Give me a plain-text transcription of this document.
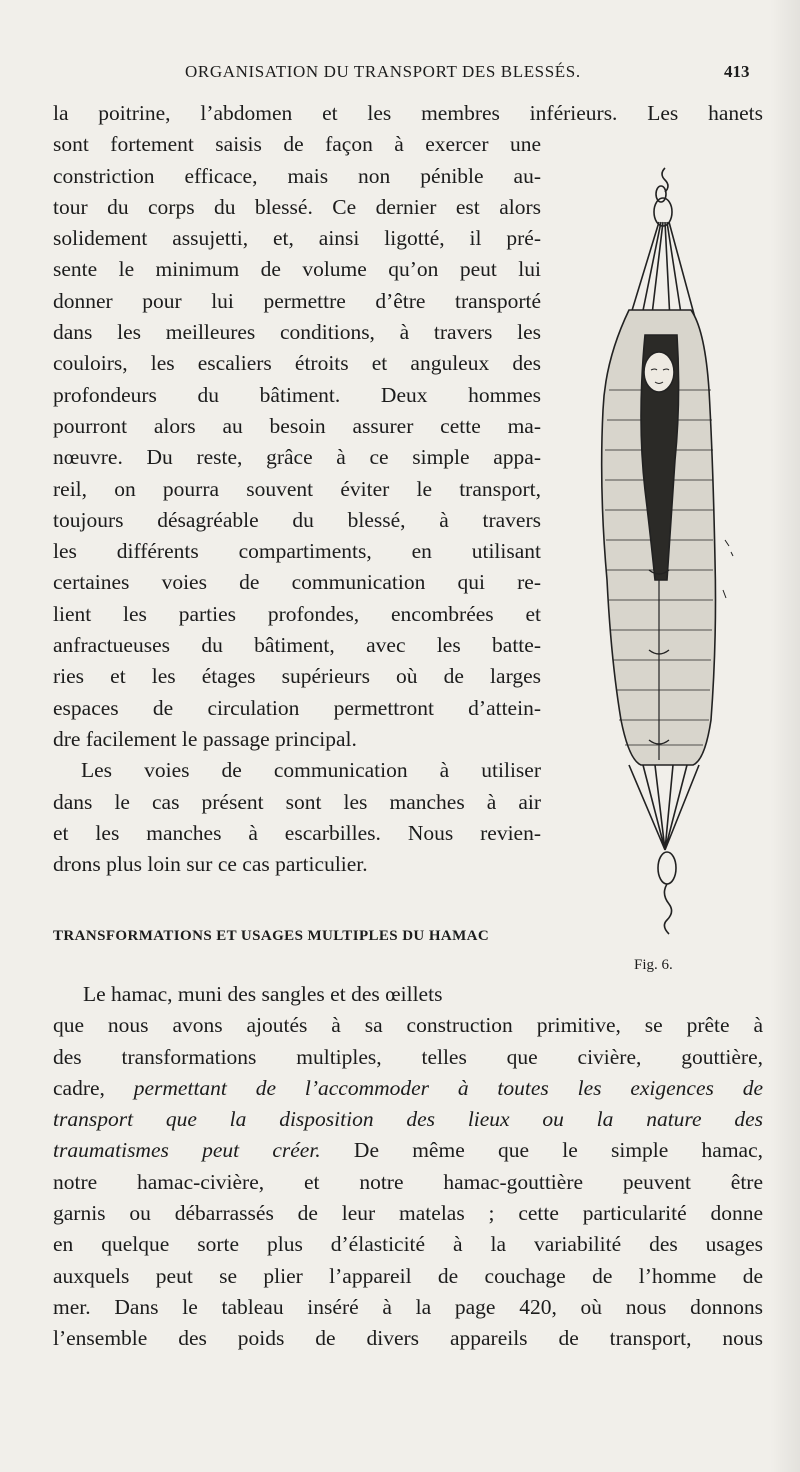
ORGANISATION DU TRANSPORT DES BLESSÉS.	413
la poitrine, l’abdomen et les membres inférieurs. Les hanets
sont fortement saisis de façon à exercer une
constriction efficace, mais non pénible au-
tour du corps du blessé. Ce dernier est alors
solidement assujetti, et, ainsi ligotté, il pré-
sente le minimum de volume qu’on peut lui
donner pour lui permettre d’être transporté
dans les meilleures conditions, à travers les
couloirs, les escaliers étroits et anguleux des
profondeurs du bâtiment. Deux hommes
pourront alors au besoin assurer cette ma-
nœuvre. Du reste, grâce à ce simple appa-
reil, on pourra souvent éviter le transport,
toujours désagréable du blessé, à travers
les différents compartiments, en utilisant
certaines voies de communication qui re-
lient les parties profondes, encombrées et
anfractueuses du bâtiment, avec les batte-
ries et les étages supérieurs où de larges
espaces de circulation permettront d’attein-
dre facilement le passage principal.
Les voies de communication à utiliser
dans le cas présent sont les manches à air
et les manches à escarbilles. Nous revien-
drons plus loin sur ce cas particulier.
TRANSFORMATIONS ET USAGES MULTIPLES DU HAMAC
Fig. 6.
Le hamac, muni des sangles et des œillets
que nous avons ajoutés à sa construction primitive, se prête à
des transformations multiples, telles que civière, gouttière,
cadre, permettant de l’accommoder à toutes les exigences de
transport que la disposition des lieux ou la nature des
traumatismes peut créer. De même que le simple hamac,
notre hamac-civière, et notre hamac-gouttière peuvent être
garnis ou débarrassés de leur matelas ; cette particularité donne
en quelque sorte plus d’élasticité à la variabilité des usages
auxquels peut se plier l’appareil de couchage de l’homme de
mer. Dans le tableau inséré à la page 420, où nous donnons
l’ensemble des poids de divers appareils de transport, nous
